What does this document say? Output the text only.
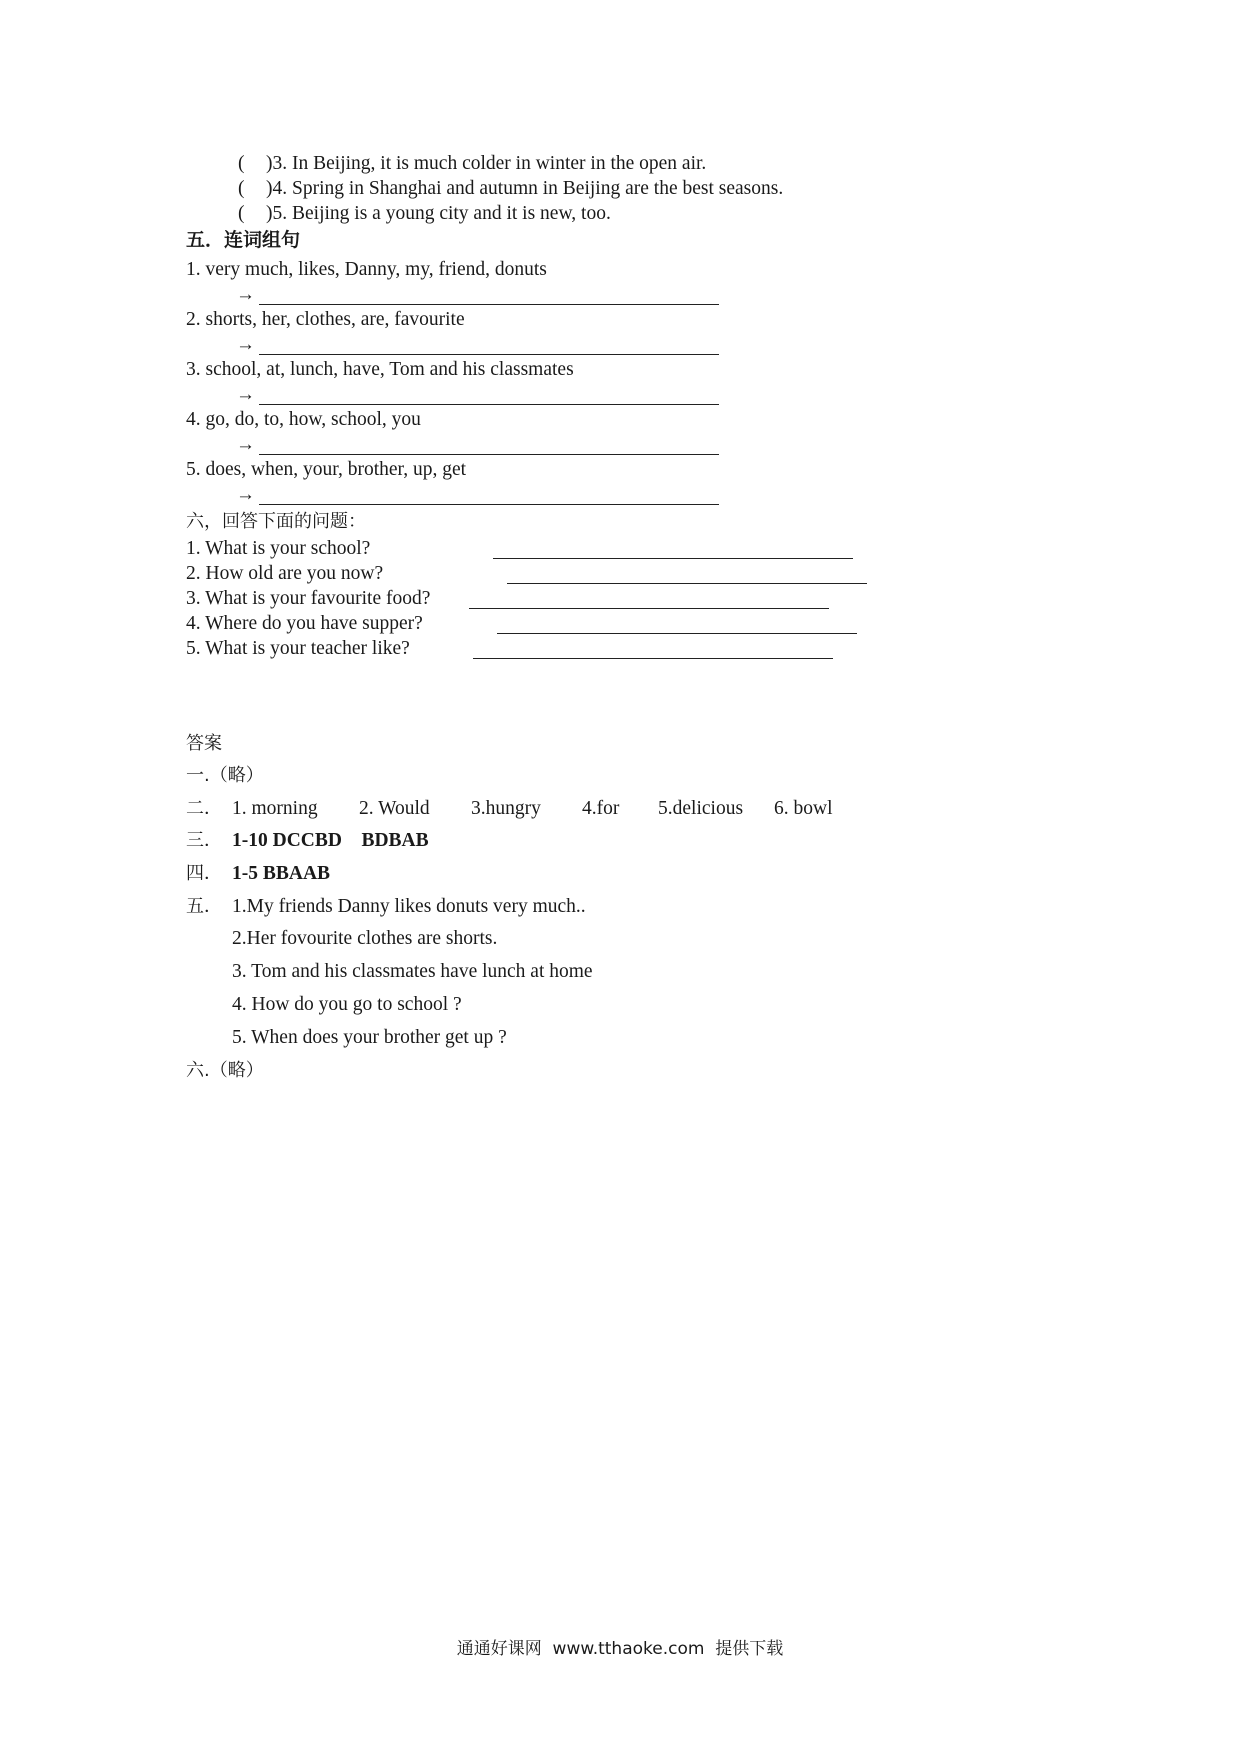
( )3. In Beijing, it is much colder in winter in the open air.
( )4. Spring in Shanghai and autumn in Beijing are the best seasons.
( )5. Beijing is a young city and it is new, too.
五．连词组句
1. very much, likes, Danny, my, friend, donuts
→
2. shorts, her, clothes, are, favourite
→
3. school, at, lunch, have, Tom and his classmates
→
4. go, do, to, how, school, you
→
5. does, when, your, brother, up, get
→
六，回答下面的问题：
1. What is your school?
2. How old are you now?
3. What is your favourite food?
4. Where do you have supper?
5. What is your teacher like?
答案
一.（略）
二． 1. morning 2. Would 3.hungry 4.for 5.delicious 6. bowl
三． 1-10 DCCBD    BDBAB
四． 1-5 BBAAB
五． 1.My friends Danny likes donuts very much..
2.Her fovourite clothes are shorts.
3. Tom and his classmates have lunch at home
4. How do you go to school ?
5. When does your brother get up ?
六.（略）
通通好课网  www.tthaoke.com  提供下载
